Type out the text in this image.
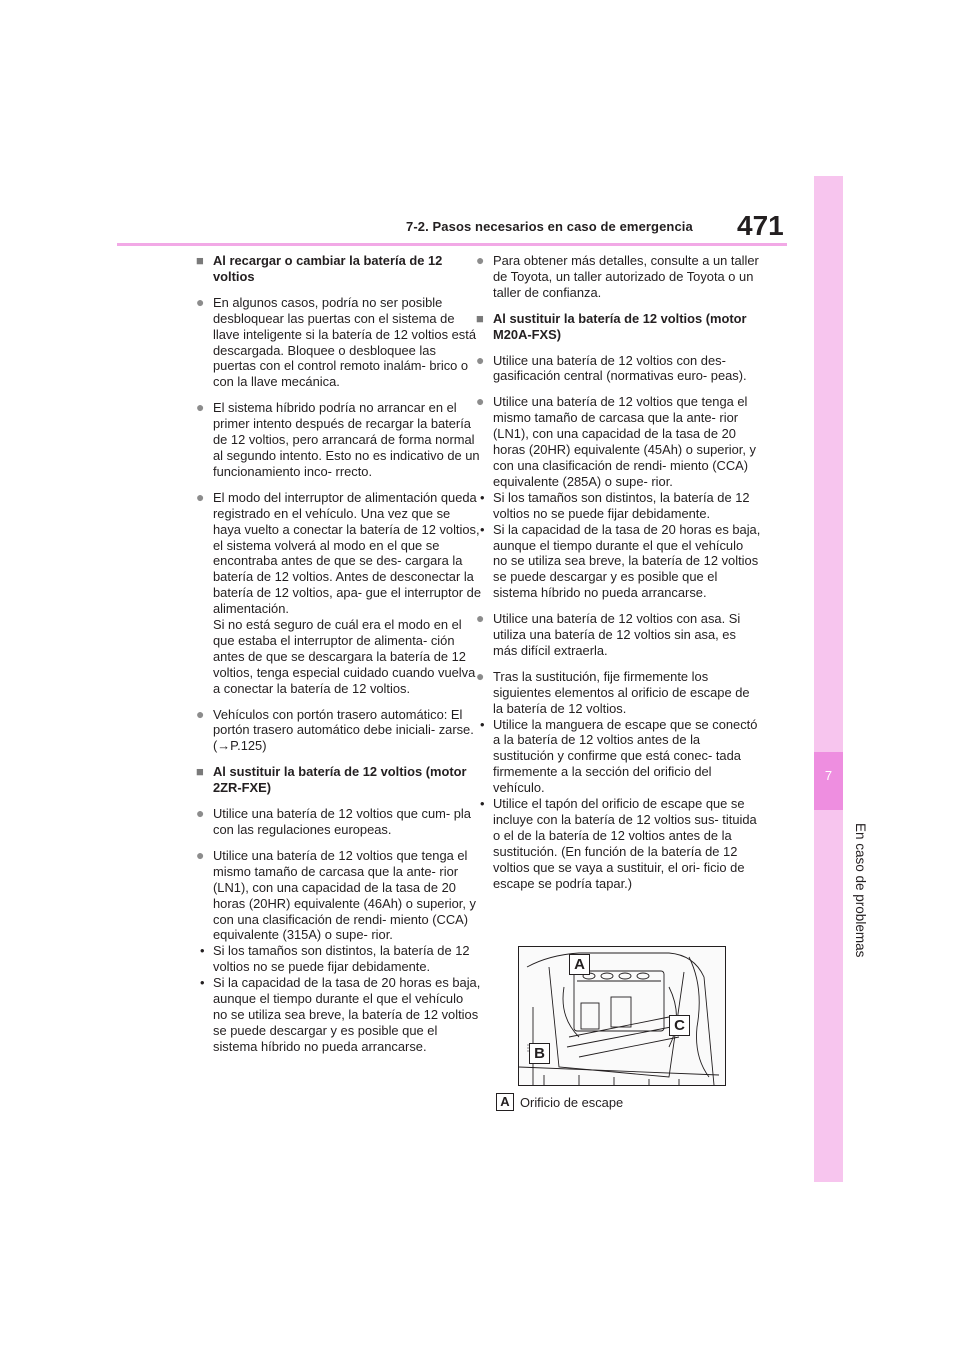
7
En caso de problemas
7-2. Pasos necesarios en caso de emergencia 471
■ Al recargar o cambiar la batería de 12 voltios
● En algunos casos, podría no ser posible desbloquear las puertas con el sistema de llave inteligente si la batería de 12 voltios está descargada. Bloquee o desbloquee las puertas con el control remoto inalám- brico o con la llave mecánica.
● El sistema híbrido podría no arrancar en el primer intento después de recargar la batería de 12 voltios, pero arrancará de forma normal al segundo intento. Esto no es indicativo de un funcionamiento inco- rrecto.
● El modo del interruptor de alimentación queda registrado en el vehículo. Una vez que se haya vuelto a conectar la batería de 12 voltios, el sistema volverá al modo en el que se encontraba antes de que se des- cargara la batería de 12 voltios. Antes de desconectar la batería de 12 voltios, apa- gue el interruptor de alimentación.
Si no está seguro de cuál era el modo en el que estaba el interruptor de alimenta- ción antes de que se descargara la batería de 12 voltios, tenga especial cuidado cuando vuelva a conectar la batería de 12 voltios.
● Vehículos con portón trasero automático: El portón trasero automático debe iniciali- zarse. (→P.125)
■ Al sustituir la batería de 12 voltios (motor 2ZR-FXE)
● Utilice una batería de 12 voltios que cum- pla con las regulaciones europeas.
● Utilice una batería de 12 voltios que tenga el mismo tamaño de carcasa que la ante- rior (LN1), con una capacidad de la tasa de 20 horas (20HR) equivalente (46Ah) o superior, y con una clasificación de rendi- miento (CCA) equivalente (315A) o supe- rior.
• Si los tamaños son distintos, la batería de 12 voltios no se puede fijar debidamente.
• Si la capacidad de la tasa de 20 horas es baja, aunque el tiempo durante el que el vehículo no se utiliza sea breve, la batería de 12 voltios se puede descargar y es posible que el sistema híbrido no pueda arrancarse.
● Para obtener más detalles, consulte a un taller de Toyota, un taller autorizado de Toyota o un taller de confianza.
■ Al sustituir la batería de 12 voltios (motor M20A-FXS)
● Utilice una batería de 12 voltios con des- gasificación central (normativas euro- peas).
● Utilice una batería de 12 voltios que tenga el mismo tamaño de carcasa que la ante- rior (LN1), con una capacidad de la tasa de 20 horas (20HR) equivalente (45Ah) o superior, y con una clasificación de rendi- miento (CCA) equivalente (285A) o supe- rior.
• Si los tamaños son distintos, la batería de 12 voltios no se puede fijar debidamente.
• Si la capacidad de la tasa de 20 horas es baja, aunque el tiempo durante el que el vehículo no se utiliza sea breve, la batería de 12 voltios se puede descargar y es posible que el sistema híbrido no pueda arrancarse.
● Utilice una batería de 12 voltios con asa. Si utiliza una batería de 12 voltios sin asa, es más difícil extraerla.
● Tras la sustitución, fije firmemente los siguientes elementos al orificio de escape de la batería de 12 voltios.
• Utilice la manguera de escape que se conectó a la batería de 12 voltios antes de la sustitución y confirme que está conec- tada firmemente a la sección del orificio del vehículo.
• Utilice el tapón del orificio de escape que se incluye con la batería de 12 voltios sus- tituida o el de la batería de 12 voltios antes de la sustitución. (En función de la batería de 12 voltios que se vaya a sustituir, el ori- ficio de escape se podría tapar.)
A
C
B
A Orificio de escape
